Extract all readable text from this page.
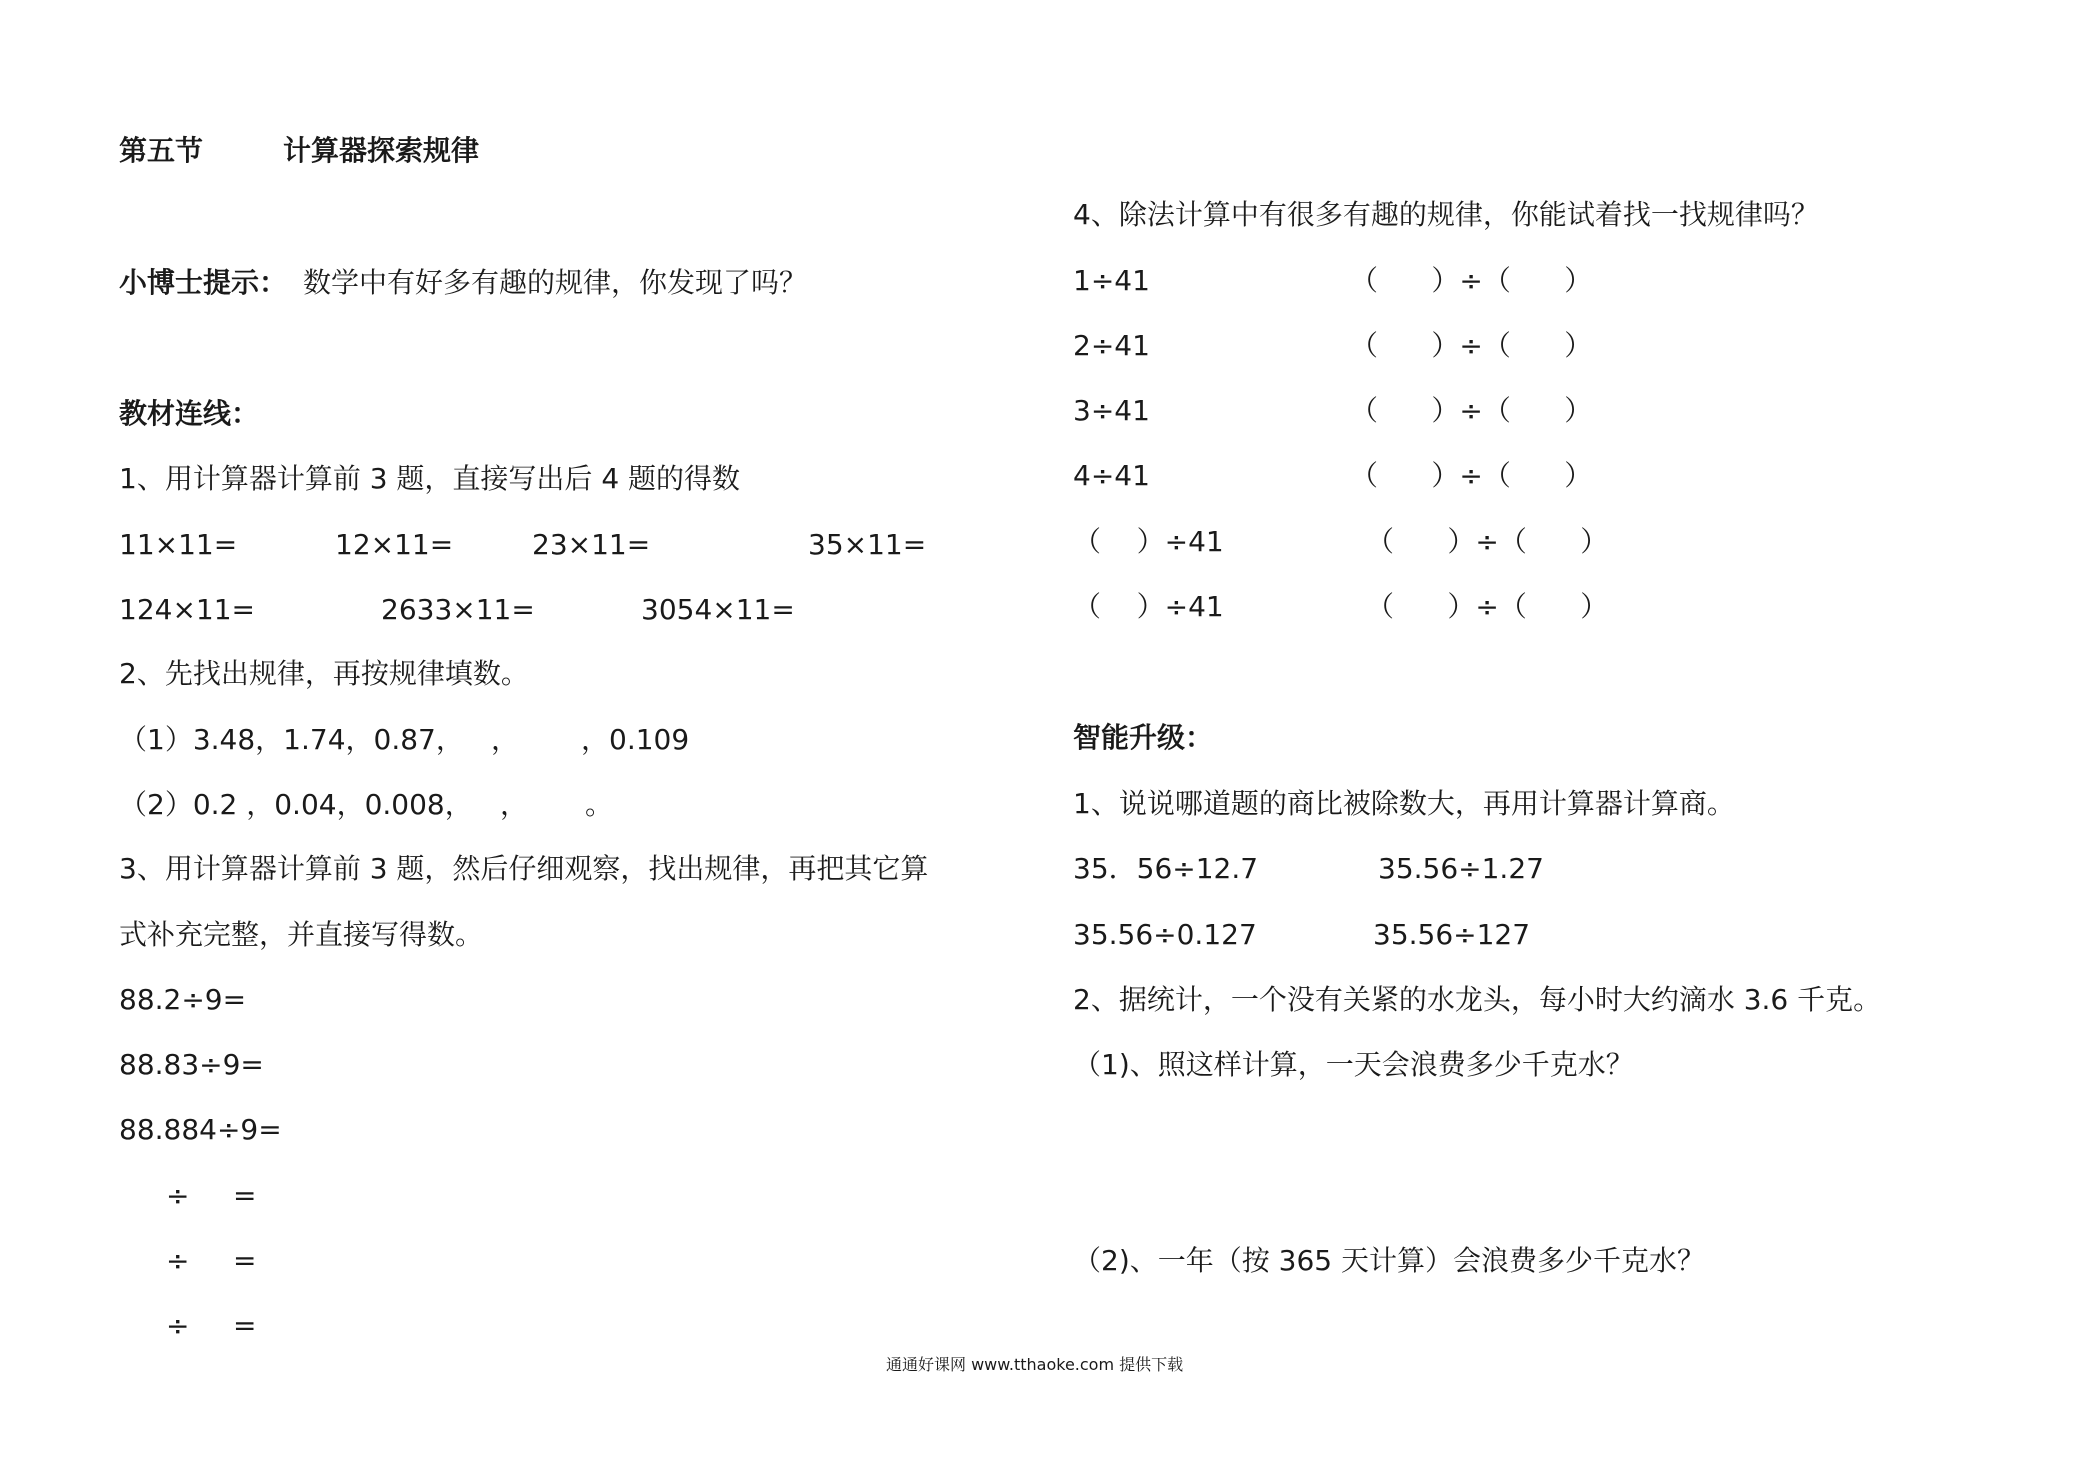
第五节	计算器探索规律
小博士提示： 数学中有好多有趣的规律，你发现了吗？
教材连线：
1、用计算器计算前 3 题，直接写出后 4 题的得数
11×11=	12×11=	23×11=	35×11=
124×11=	2633×11=	3054×11=
2、先找出规律，再按规律填数。
（1）3.48，1.74，0.87， ， ，0.109
（2）0.2 ，0.04，0.008， ， 。
3、用计算器计算前 3 题，然后仔细观察，找出规律，再把其它算
式补充完整，并直接写得数。
88.2÷9=
88.83÷9=
88.884÷9=
÷ =
÷ =
÷ =
4、除法计算中有很多有趣的规律，你能试着找一找规律吗？
1÷41	（      ）÷（      ）
2÷41	（      ）÷（      ）
3÷41	（      ）÷（      ）
4÷41	（      ）÷（      ）
（    ）÷41	（      ）÷（      ）
（    ）÷41	（      ）÷（      ）
智能升级：
1、说说哪道题的商比被除数大，再用计算器计算商。
35．56÷12.7	35.56÷1.27
35.56÷0.127	35.56÷127
2、据统计，一个没有关紧的水龙头，每小时大约滴水 3.6 千克。
（1)、照这样计算，一天会浪费多少千克水？
（2)、一年（按 365 天计算）会浪费多少千克水？
通通好课网 www.tthaoke.com 提供下载
